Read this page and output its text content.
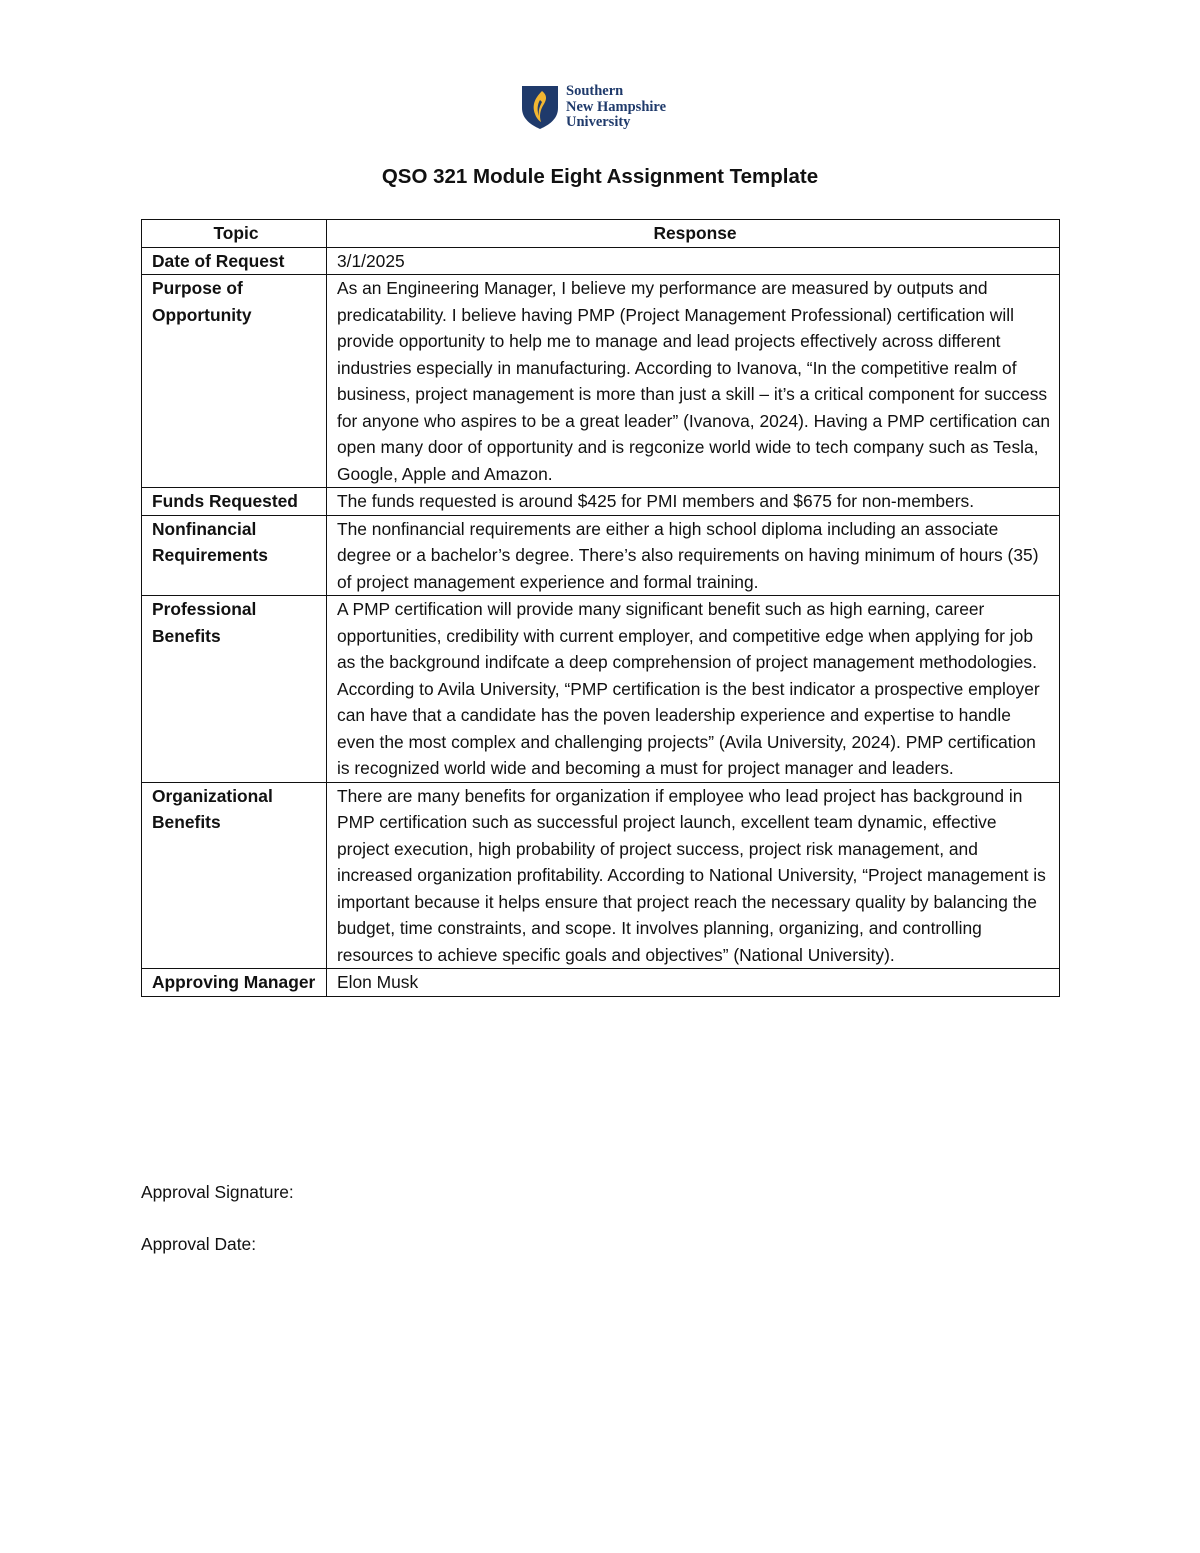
Southern
New Hampshire
University
QSO 321 Module Eight Assignment Template
Topic	Response
Date of Request	3/1/2025
Purpose of Opportunity	As an Engineering Manager, I believe my performance are measured by outputs and predicatability. I believe having PMP (Project Management Professional) certification will provide opportunity to help me to manage and lead projects effectively across different industries especially in manufacturing. According to Ivanova, “In the competitive realm of business, project management is more than just a skill – it’s a critical component for success for anyone who aspires to be a great leader” (Ivanova, 2024). Having a PMP certification can open many door of opportunity and is regconize world wide to tech company such as Tesla, Google, Apple and Amazon.
Funds Requested	The funds requested is around $425 for PMI members and $675 for non-members.
Nonfinancial Requirements	The nonfinancial requirements are either a high school diploma including an associate degree or a bachelor’s degree. There’s also requirements on having minimum of hours (35) of project management experience and formal training.
Professional Benefits	A PMP certification will provide many significant benefit such as high earning, career opportunities, credibility with current employer, and competitive edge when applying for job as the background indifcate a deep comprehension of project management methodologies. According to Avila University, “PMP certification is the best indicator a prospective employer can have that a candidate has the poven leadership experience and expertise to handle even the most complex and challenging projects” (Avila University, 2024). PMP certification is recognized world wide and becoming a must for project manager and leaders.
Organizational Benefits	There are many benefits for organization if employee who lead project has background in PMP certification such as successful project launch, excellent team dynamic, effective project execution, high probability of project success, project risk management, and increased organization profitability. According to National University, “Project management is important because it helps ensure that project reach the necessary quality by balancing the budget, time constraints, and scope. It involves planning, organizing, and controlling resources to achieve specific goals and objectives” (National University).
Approving Manager	Elon Musk
Approval Signature:
Approval Date:
